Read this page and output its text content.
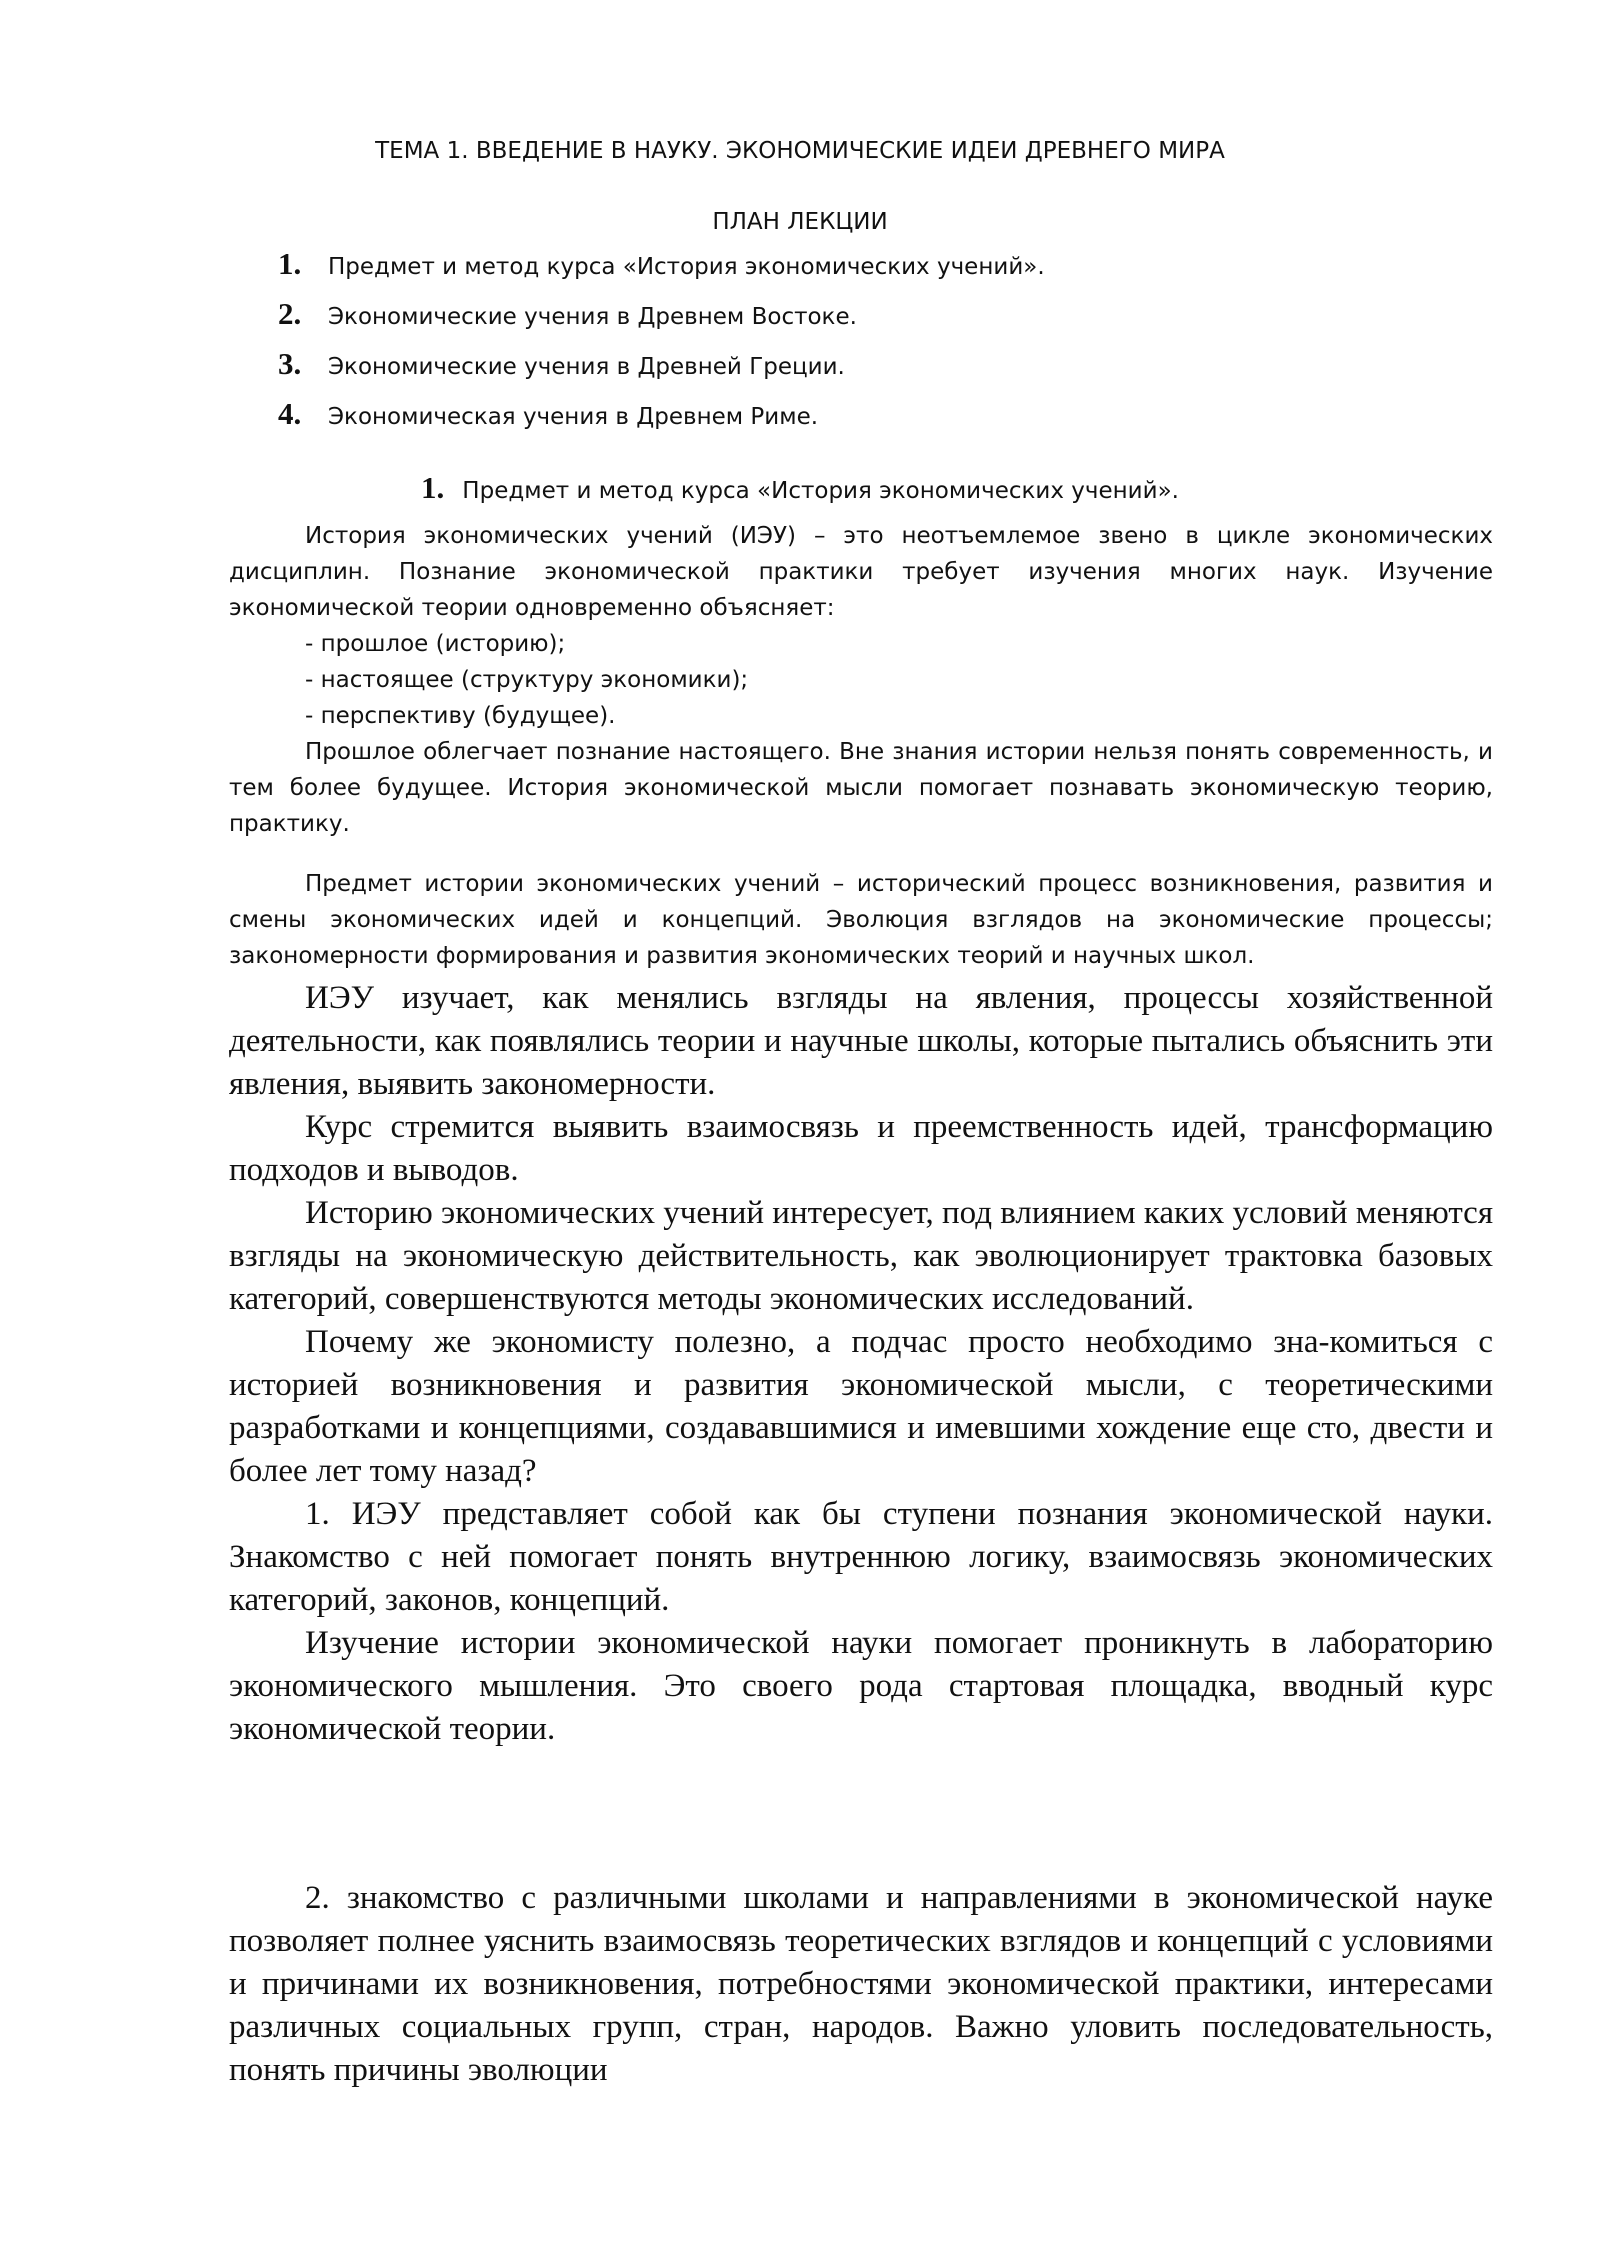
ТЕМА 1. ВВЕДЕНИЕ В НАУКУ. ЭКОНОМИЧЕСКИЕ ИДЕИ ДРЕВНЕГО МИРА
ПЛАН ЛЕКЦИИ
1.	Предмет и метод курса «История экономических учений».
2.	Экономические учения в Древнем Востоке.
3.	Экономические учения в Древней Греции.
4.	Экономическая учения в Древнем Риме.
1. Предмет и метод курса «История экономических учений».

История экономических учений (ИЭУ) – это неотъемлемое звено в цикле экономических дисциплин. Познание экономической практики требует изучения многих наук. Изучение экономической теории одновременно объясняет:

- прошлое (историю);

- настоящее (структуру экономики);

- перспективу (будущее).

Прошлое облегчает познание настоящего. Вне знания истории нельзя понять современность, и тем более будущее. История экономической мысли помогает познавать экономическую теорию, практику.

Предмет истории экономических учений – исторический процесс возникновения, развития и смены экономических идей и концепций. Эволюция взглядов на экономические процессы; закономерности формирования и развития экономических теорий и научных школ.

ИЭУ изучает, как менялись взгляды на явления, процессы хозяйственной деятельности, как появлялись теории и научные школы, которые пытались объяснить эти явления, выявить закономерности.

Курс стремится выявить взаимосвязь и преемственность идей, трансформацию подходов и выводов.

Историю экономических учений интересует, под влиянием каких условий меняются взгляды на экономическую действительность, как эволюционирует трактовка базовых категорий, совершенствуются методы экономических исследований.

Почему же экономисту полезно, а подчас просто необходимо зна-комиться с историей возникновения и развития экономической мысли, с теоретическими разработками и концепциями, создававшимися и имевшими хождение еще сто, двести и более лет тому назад?

1. ИЭУ представляет собой как бы ступени познания экономической науки. Знакомство с ней помогает понять внутреннюю логику, взаимосвязь экономических категорий, законов, концепций.

Изучение истории экономической науки помогает проникнуть в лабораторию экономического мышления. Это своего рода стартовая площадка, вводный курс экономической теории.

2. знакомство с различными школами и направлениями в экономической науке позволяет полнее уяснить взаимосвязь теоретических взглядов и концепций с условиями и причинами их возникновения, потребностями экономической практики, интересами различных социальных групп, стран, народов. Важно уловить последовательность, понять причины эволюции
